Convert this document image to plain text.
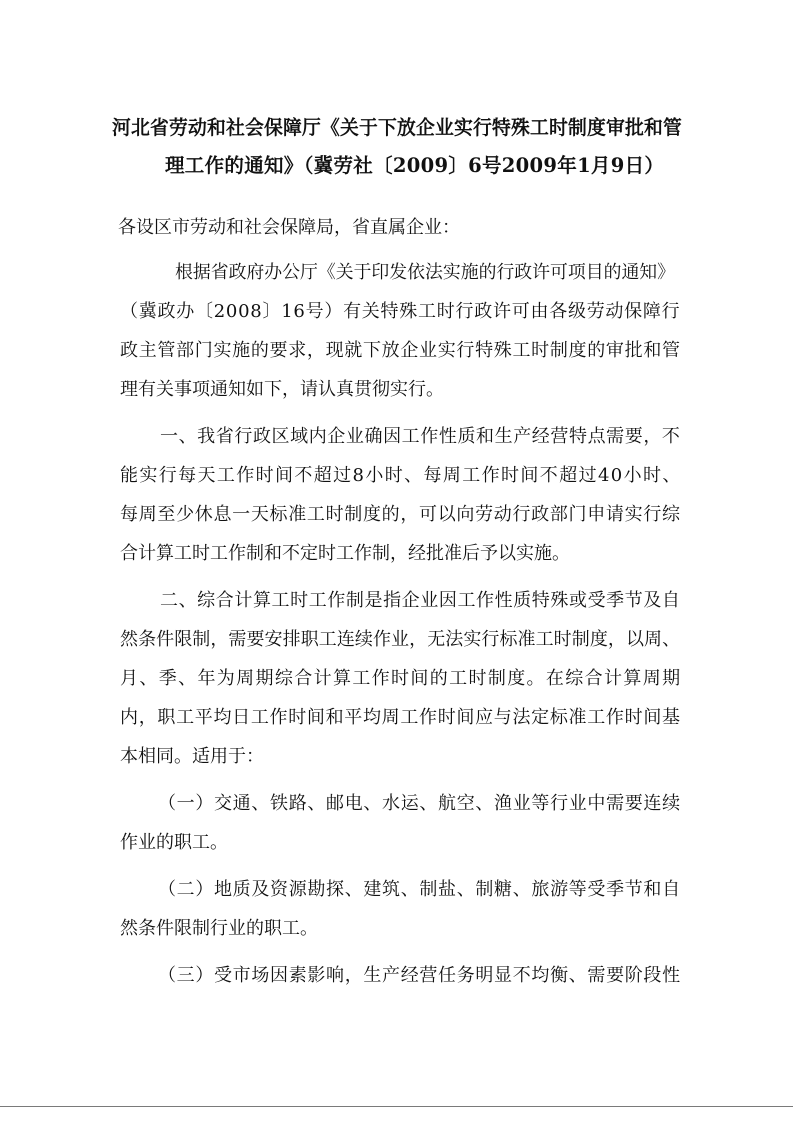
河北省劳动和社会保障厅《关于下放企业实行特殊工时制度审批和管
理工作的通知》（冀劳社〔2009〕6号2009年1月9日）
各设区市劳动和社会保障局，省直属企业：
根据省政府办公厅《关于印发依法实施的行政许可项目的通知》
（冀政办〔2008〕16号）有关特殊工时行政许可由各级劳动保障行
政主管部门实施的要求，现就下放企业实行特殊工时制度的审批和管
理有关事项通知如下，请认真贯彻实行。
一、我省行政区域内企业确因工作性质和生产经营特点需要，不
能实行每天工作时间不超过8小时、每周工作时间不超过40小时、
每周至少休息一天标准工时制度的，可以向劳动行政部门申请实行综
合计算工时工作制和不定时工作制，经批准后予以实施。
二、综合计算工时工作制是指企业因工作性质特殊或受季节及自
然条件限制，需要安排职工连续作业，无法实行标准工时制度，以周、
月、季、年为周期综合计算工作时间的工时制度。在综合计算周期
内，职工平均日工作时间和平均周工作时间应与法定标准工作时间基
本相同。适用于：
（一）交通、铁路、邮电、水运、航空、渔业等行业中需要连续
作业的职工。
（二）地质及资源勘探、建筑、制盐、制糖、旅游等受季节和自
然条件限制行业的职工。
（三）受市场因素影响，生产经营任务明显不均衡、需要阶段性
